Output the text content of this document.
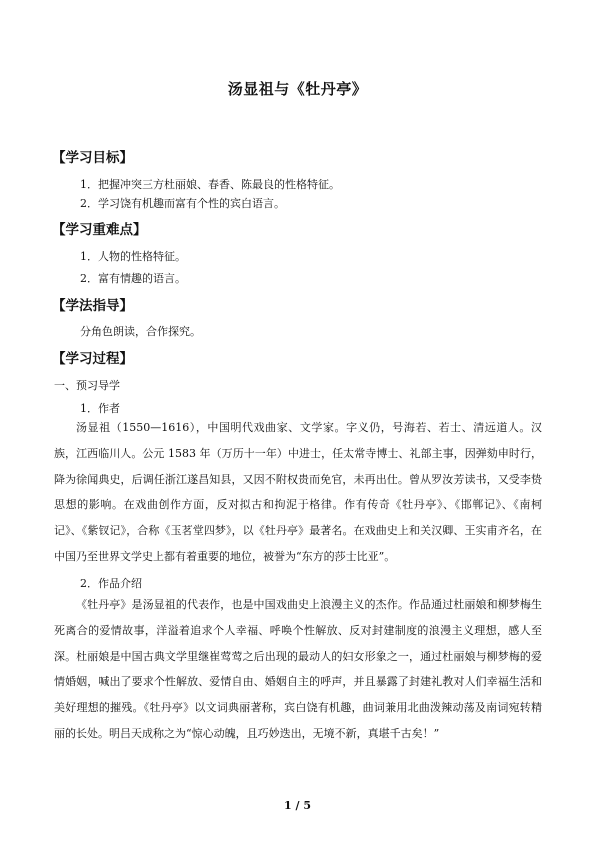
汤显祖与《牡丹亭》
【学习目标】
1．把握冲突三方杜丽娘、春香、陈最良的性格特征。
2．学习饶有机趣而富有个性的宾白语言。
【学习重难点】
1．人物的性格特征。
2．富有情趣的语言。
【学法指导】
分角色朗读，合作探究。
【学习过程】
一、预习导学
1．作者
汤显祖（1550—1616），中国明代戏曲家、文学家。字义仍，号海若、若士、清远道人。汉族，江西临川人。公元 1583 年（万历十一年）中进士，任太常寺博士、礼部主事，因弹劾申时行，降为徐闻典史，后调任浙江遂昌知县，又因不附权贵而免官，未再出仕。曾从罗汝芳读书，又受李贽思想的影响。在戏曲创作方面，反对拟古和拘泥于格律。作有传奇《牡丹亭》、《邯郸记》、《南柯记》、《紫钗记》，合称《玉茗堂四梦》，以《牡丹亭》最著名。在戏曲史上和关汉卿、王实甫齐名，在中国乃至世界文学史上都有着重要的地位，被誉为“东方的莎士比亚”。
2．作品介绍
《牡丹亭》是汤显祖的代表作，也是中国戏曲史上浪漫主义的杰作。作品通过杜丽娘和柳梦梅生死离合的爱情故事，洋溢着追求个人幸福、呼唤个性解放、反对封建制度的浪漫主义理想，感人至深。杜丽娘是中国古典文学里继崔莺莺之后出现的最动人的妇女形象之一，通过杜丽娘与柳梦梅的爱情婚姻，喊出了要求个性解放、爱情自由、婚姻自主的呼声，并且暴露了封建礼教对人们幸福生活和美好理想的摧残。《牡丹亭》以文词典丽著称，宾白饶有机趣，曲词兼用北曲泼辣动荡及南词宛转精丽的长处。明吕天成称之为“惊心动魄，且巧妙迭出，无境不新，真堪千古矣！”
1 / 5
